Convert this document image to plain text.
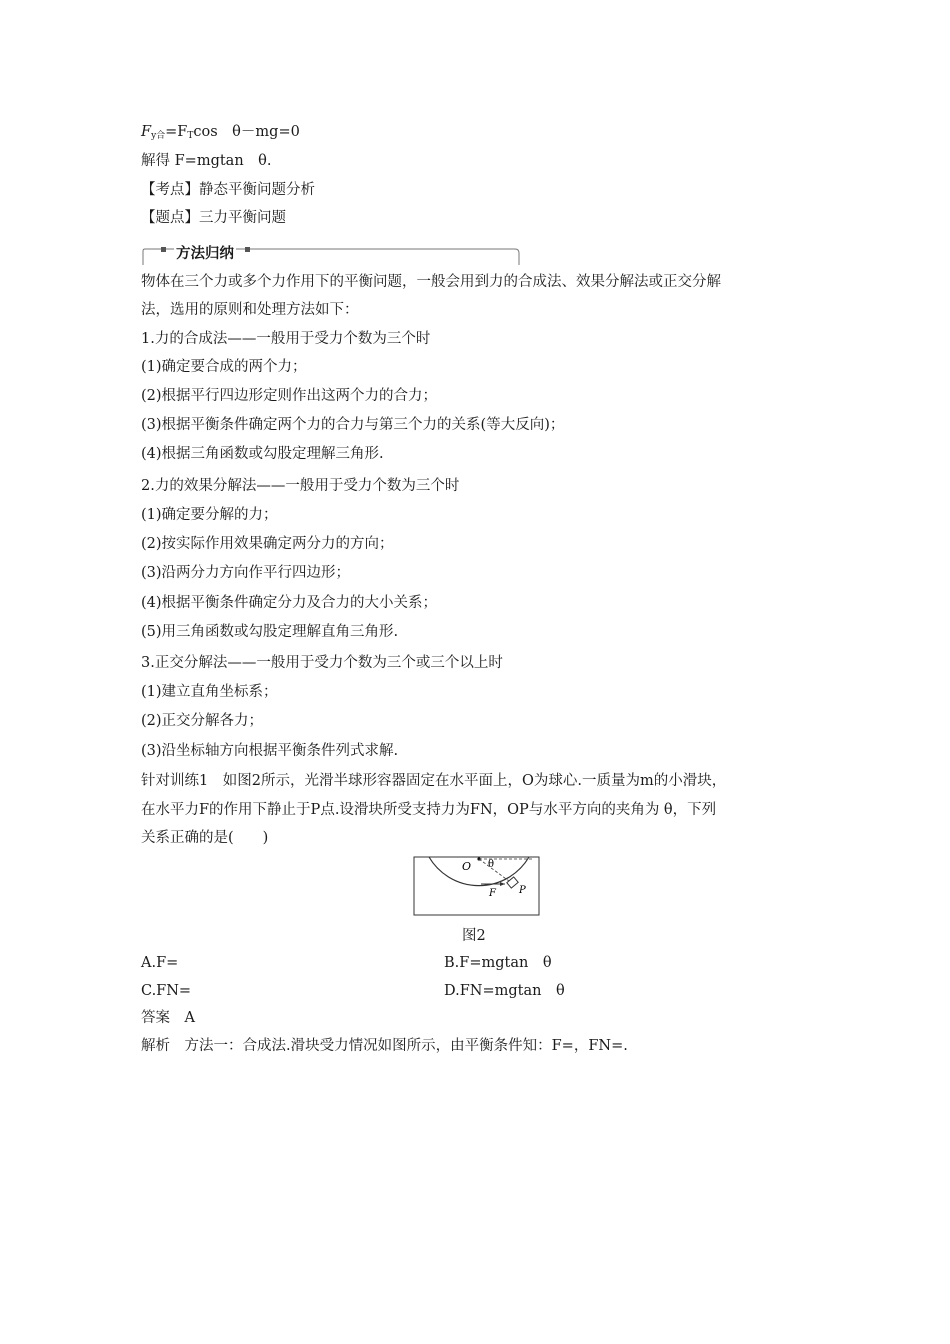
$F_{y合}=F_T\cos$　θ－mg=0
解得 F=mgtan　θ.
【考点】静态平衡问题分析
【题点】三力平衡问题
方法归纳
物体在三个力或多个力作用下的平衡问题，一般会用到力的合成法、效果分解法或正交分解
法，选用的原则和处理方法如下：
1.力的合成法——一般用于受力个数为三个时
(1)确定要合成的两个力；
(2)根据平行四边形定则作出这两个力的合力；
(3)根据平衡条件确定两个力的合力与第三个力的关系(等大反向)；
(4)根据三角函数或勾股定理解三角形.
2.力的效果分解法——一般用于受力个数为三个时
(1)确定要分解的力；
(2)按实际作用效果确定两分力的方向；
(3)沿两分力方向作平行四边形；
(4)根据平衡条件确定分力及合力的大小关系；
(5)用三角函数或勾股定理解直角三角形.
3.正交分解法——一般用于受力个数为三个或三个以上时
(1)建立直角坐标系；
(2)正交分解各力；
(3)沿坐标轴方向根据平衡条件列式求解.
针对训练1　如图2所示，光滑半球形容器固定在水平面上，O为球心.一质量为m的小滑块，
在水平力F的作用下静止于P点.设滑块所受支持力为FN，OP与水平方向的夹角为 θ，下列
关系正确的是(　　)
O θ
F P
图2
A.F=	B.F=mgtan　θ
C.FN=	D.FN=mgtan　θ
答案　A
解析　方法一：合成法.滑块受力情况如图所示，由平衡条件知：F=，FN=.
